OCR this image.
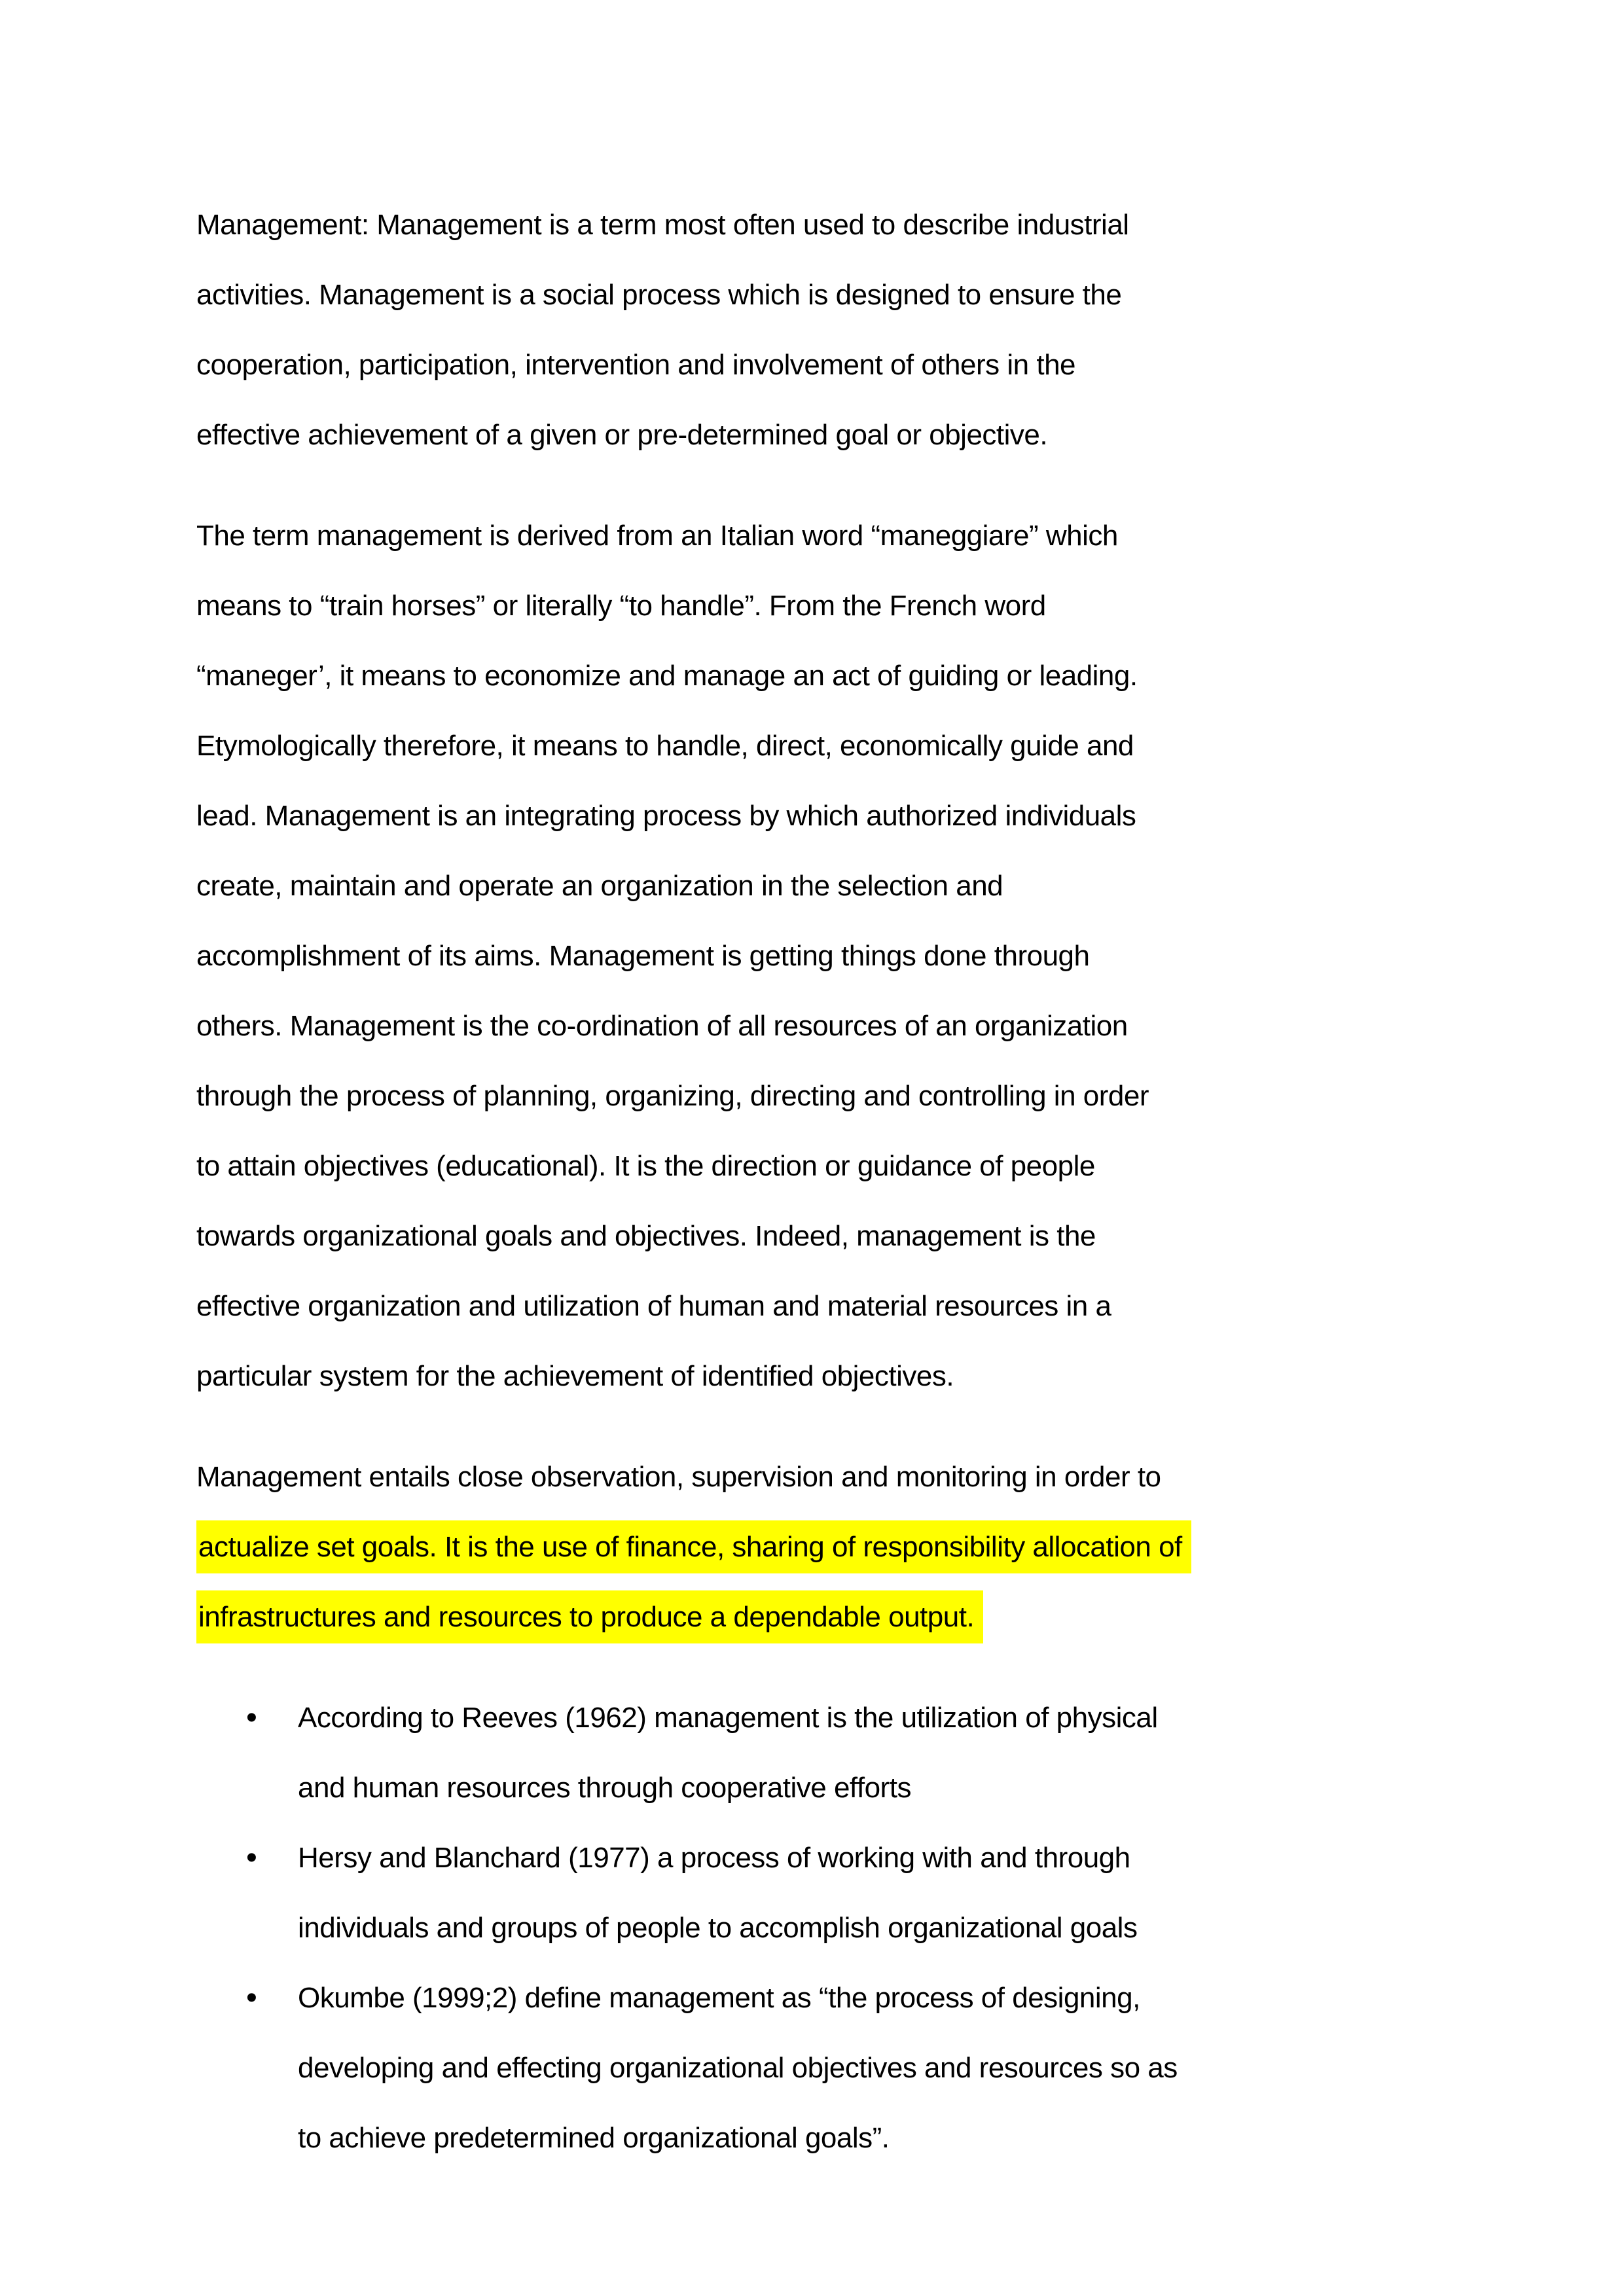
Management: Management is a term most often used to describe industrial
activities. Management is a social process which is designed to ensure the
cooperation, participation, intervention and involvement of others in the
effective achievement of a given or pre-determined goal or objective.
The term management is derived from an Italian word “maneggiare” which
means to “train horses” or literally “to handle”. From the French word
“maneger’, it means to economize and manage an act of guiding or leading.
Etymologically therefore, it means to handle, direct, economically guide and
lead. Management is an integrating process by which authorized individuals
create, maintain and operate an organization in the selection and
accomplishment of its aims. Management is getting things done through
others. Management is the co-ordination of all resources of an organization
through the process of planning, organizing, directing and controlling in order
to attain objectives (educational). It is the direction or guidance of people
towards organizational goals and objectives. Indeed, management is the
effective organization and utilization of human and material resources in a
particular system for the achievement of identified objectives.
Management entails close observation, supervision and monitoring in order to
actualize set goals. It is the use of finance, sharing of responsibility allocation of
infrastructures and resources to produce a dependable output.
• According to Reeves (1962) management is the utilization of physical
and human resources through cooperative efforts
• Hersy and Blanchard (1977) a process of working with and through
individuals and groups of people to accomplish organizational goals
• Okumbe (1999;2) define management as “the process of designing,
developing and effecting organizational objectives and resources so as
to achieve predetermined organizational goals”.
